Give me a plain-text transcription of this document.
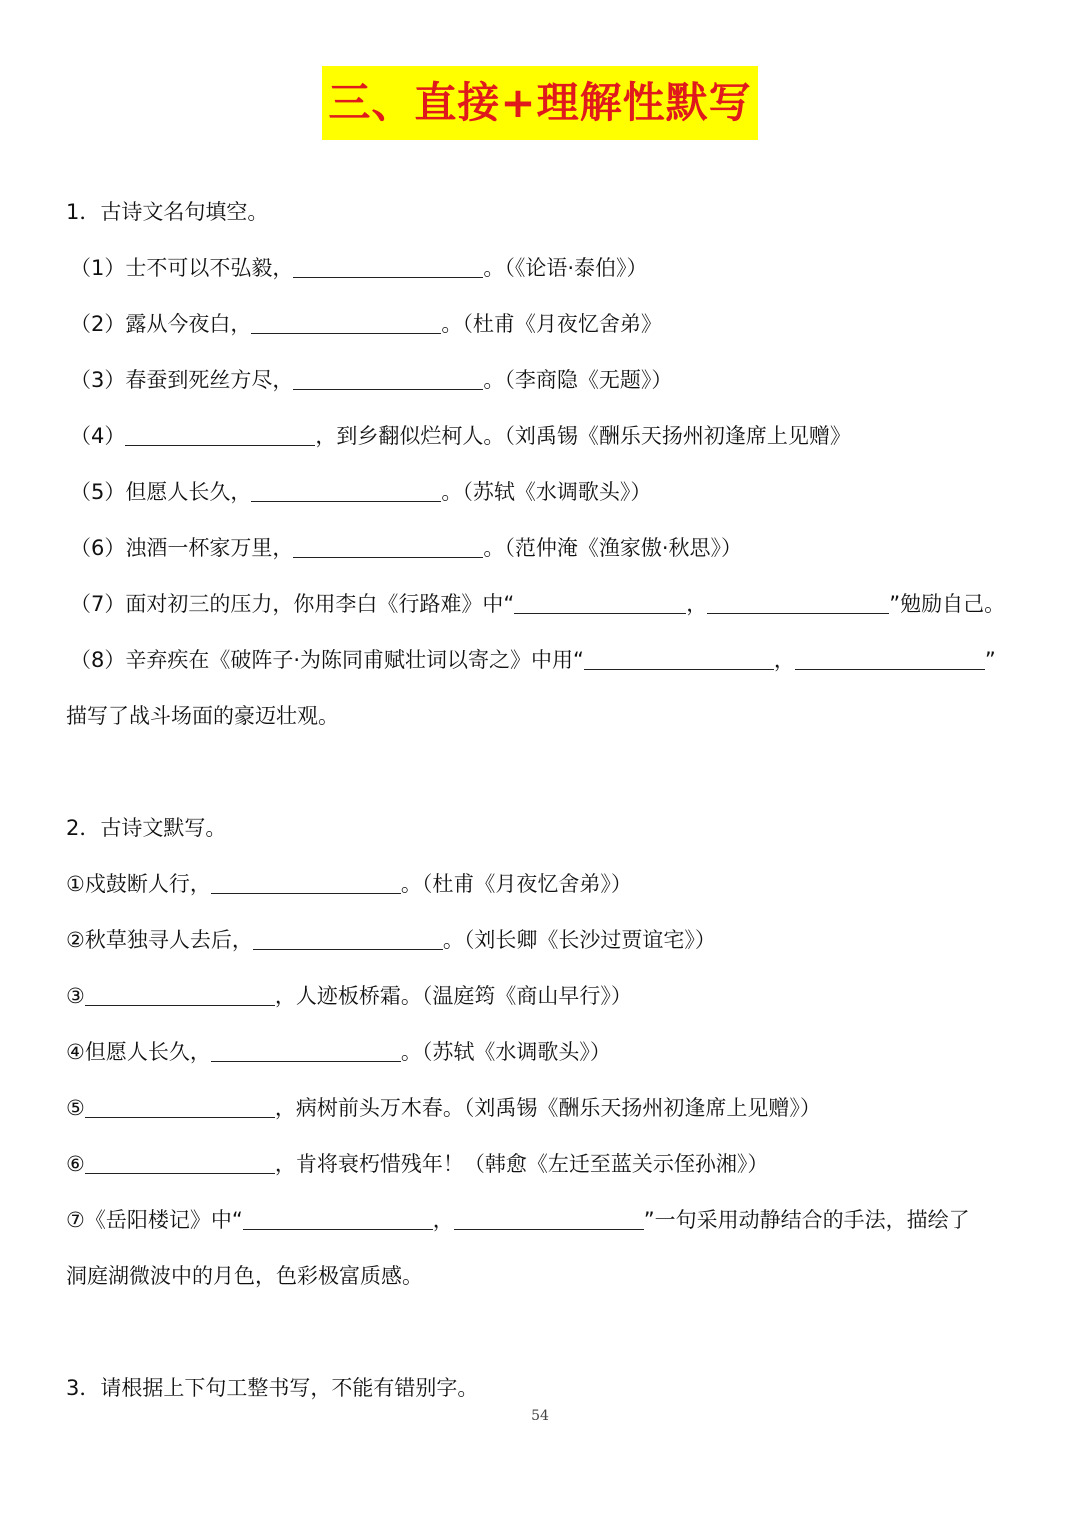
三、直接+理解性默写
1．古诗文名句填空。
（1）士不可以不弘毅，	。（《论语·泰伯》）
（2）露从今夜白，	。（杜甫《月夜忆舍弟》
（3）春蚕到死丝方尽，	。（李商隐《无题》）
（4）	，到乡翻似烂柯人。（刘禹锡《酬乐天扬州初逢席上见赠》
（5）但愿人长久，	。（苏轼《水调歌头》）
（6）浊酒一杯家万里，	。（范仲淹《渔家傲·秋思》）
（7）面对初三的压力，你用李白《行路难》中“	，	”勉励自己。
（8）辛弃疾在《破阵子·为陈同甫赋壮词以寄之》中用“	，	”
描写了战斗场面的豪迈壮观。
2．古诗文默写。
①戍鼓断人行，	。（杜甫《月夜忆舍弟》）
②秋草独寻人去后，	。（刘长卿《长沙过贾谊宅》）
③	，人迹板桥霜。（温庭筠《商山早行》）
④但愿人长久，	。（苏轼《水调歌头》）
⑤	，病树前头万木春。（刘禹锡《酬乐天扬州初逢席上见赠》）
⑥	，肯将衰朽惜残年！（韩愈《左迁至蓝关示侄孙湘》）
⑦《岳阳楼记》中“	，	”一句采用动静结合的手法，描绘了
洞庭湖微波中的月色，色彩极富质感。
3．请根据上下句工整书写，不能有错别字。
54
